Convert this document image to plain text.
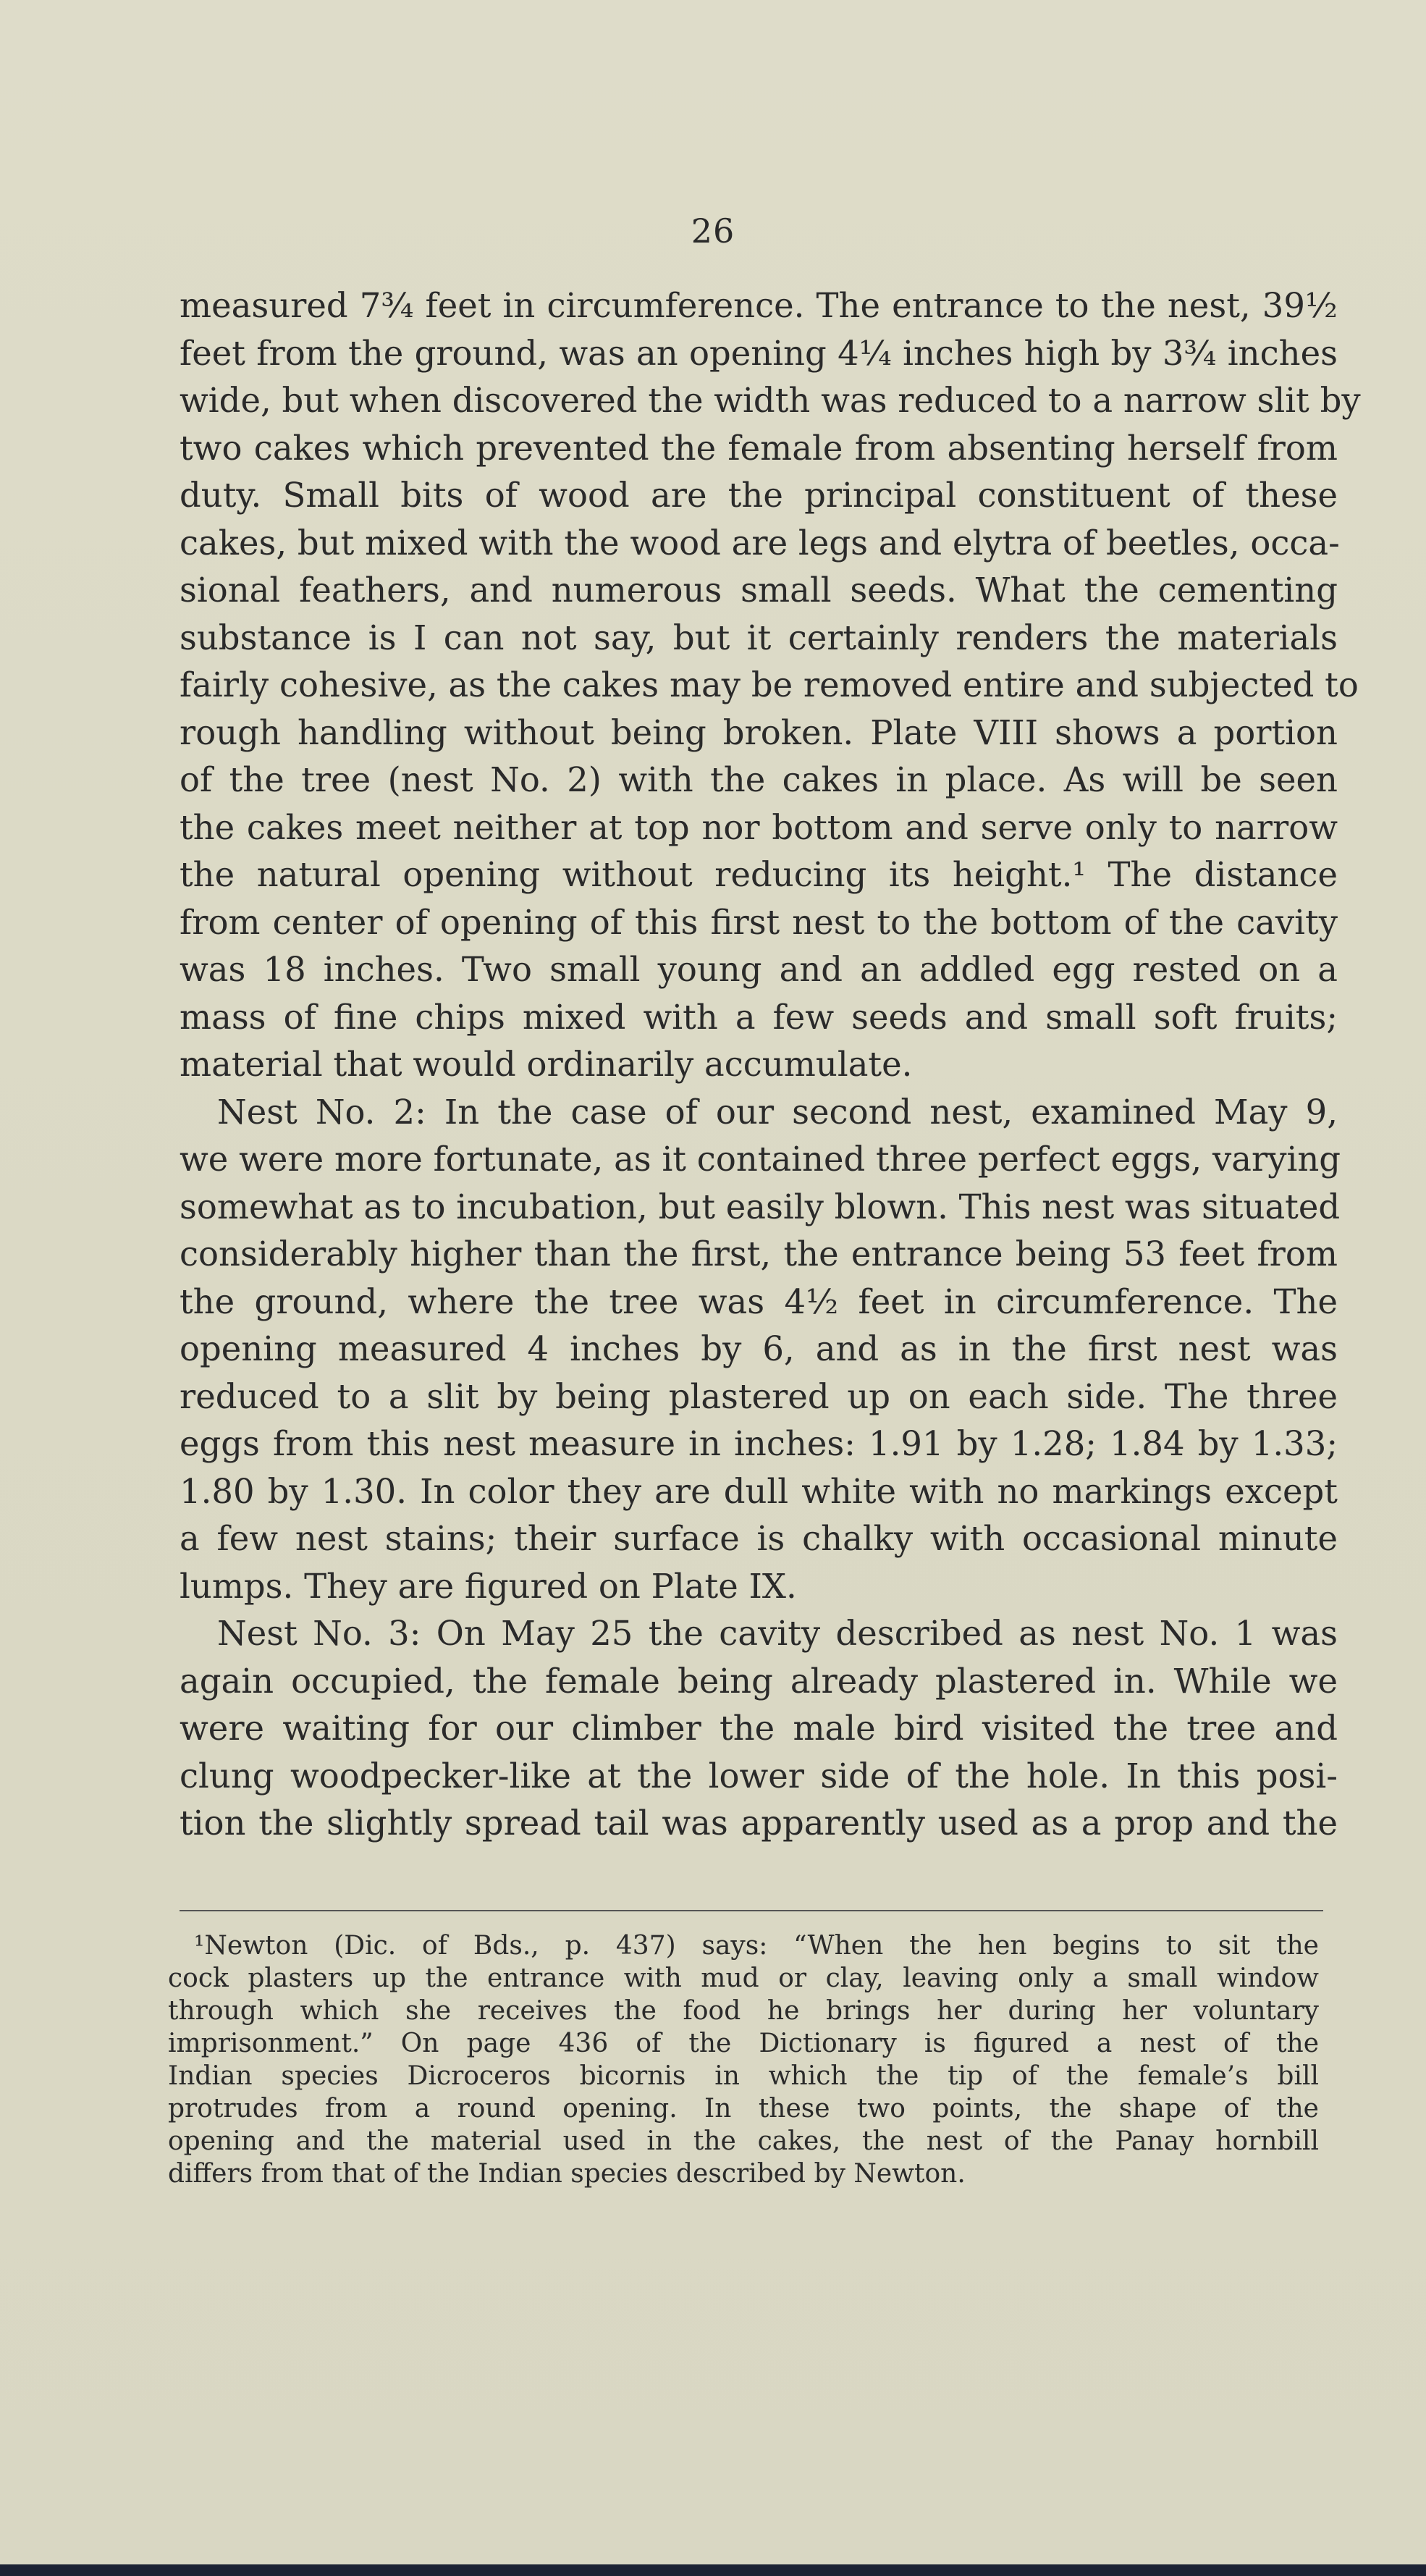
26

measured 7¾ feet in circumference. The entrance to the nest, 39½
feet from the ground, was an opening 4¼ inches high by 3¾ inches
wide, but when discovered the width was reduced to a narrow slit by
two cakes which prevented the female from absenting herself from
duty. Small bits of wood are the principal constituent of these
cakes, but mixed with the wood are legs and elytra of beetles, occa-
sional feathers, and numerous small seeds. What the cementing
substance is I can not say, but it certainly renders the materials
fairly cohesive, as the cakes may be removed entire and subjected to
rough handling without being broken. Plate VIII shows a portion
of the tree (nest No. 2) with the cakes in place. As will be seen
the cakes meet neither at top nor bottom and serve only to narrow
the natural opening without reducing its height.¹ The distance
from center of opening of this first nest to the bottom of the cavity
was 18 inches. Two small young and an addled egg rested on a
mass of fine chips mixed with a few seeds and small soft fruits;
material that would ordinarily accumulate.

Nest No. 2: In the case of our second nest, examined May 9,
we were more fortunate, as it contained three perfect eggs, varying
somewhat as to incubation, but easily blown. This nest was situated
considerably higher than the first, the entrance being 53 feet from
the ground, where the tree was 4½ feet in circumference. The
opening measured 4 inches by 6, and as in the first nest was
reduced to a slit by being plastered up on each side. The three
eggs from this nest measure in inches: 1.91 by 1.28; 1.84 by 1.33;
1.80 by 1.30. In color they are dull white with no markings except
a few nest stains; their surface is chalky with occasional minute
lumps. They are figured on Plate IX.

Nest No. 3: On May 25 the cavity described as nest No. 1 was
again occupied, the female being already plastered in. While we
were waiting for our climber the male bird visited the tree and
clung woodpecker-like at the lower side of the hole. In this posi-
tion the slightly spread tail was apparently used as a prop and the

¹Newton (Dic. of Bds., p. 437) says: “When the hen begins to sit the
cock plasters up the entrance with mud or clay, leaving only a small window
through which she receives the food he brings her during her voluntary
imprisonment.” On page 436 of the Dictionary is figured a nest of the
Indian species Dicroceros bicornis in which the tip of the female’s bill
protrudes from a round opening. In these two points, the shape of the
opening and the material used in the cakes, the nest of the Panay hornbill
differs from that of the Indian species described by Newton.
